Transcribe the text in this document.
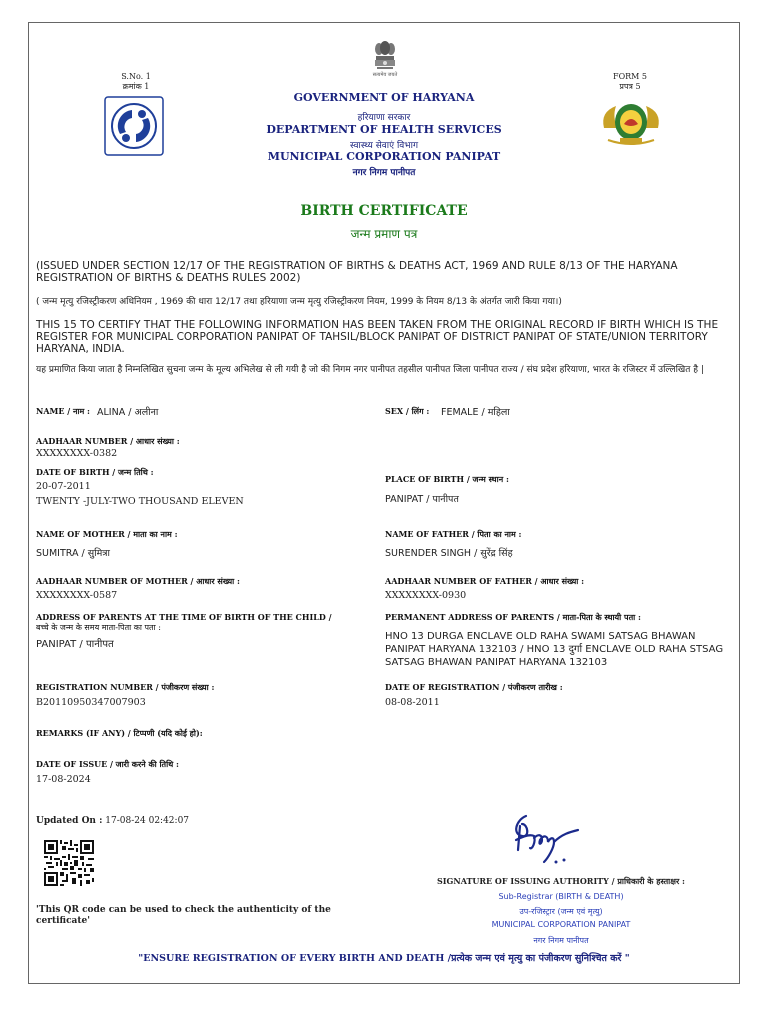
सत्यमेव जयते
S.No. 1
क्रमांक 1
FORM 5
प्रपत्र 5
GOVERNMENT OF HARYANA
हरियाणा सरकार
DEPARTMENT OF HEALTH SERVICES
स्वास्थ्य सेवाएं विभाग
MUNICIPAL CORPORATION PANIPAT
नगर निगम पानीपत
BIRTH CERTIFICATE
जन्म प्रमाण पत्र
(ISSUED UNDER SECTION 12/17 OF THE REGISTRATION OF BIRTHS & DEATHS ACT, 1969 AND RULE 8/13 OF THE HARYANA REGISTRATION OF BIRTHS & DEATHS RULES 2002)
( जन्म मृत्यु रजिस्ट्रीकरण अधिनियम , 1969 की धारा 12/17 तथा हरियाणा जन्म मृत्यु रजिस्ट्रीकरण नियम, 1999 के नियम 8/13 के अंतर्गत जारी किया गया।)
THIS 15 TO CERTIFY THAT THE FOLLOWING INFORMATION HAS BEEN TAKEN FROM THE ORIGINAL RECORD IF BIRTH WHICH IS THE REGISTER FOR MUNICIPAL CORPORATION PANIPAT OF TAHSIL/BLOCK PANIPAT OF DISTRICT PANIPAT OF STATE/UNION TERRITORY HARYANA, INDIA.
यह प्रमाणित किया जाता है निम्नलिखित सुचना जन्म के मूल्य अभिलेख से ली गयी है जो की निगम नगर पानीपत तहसील पानीपत जिला पानीपत राज्य / संघ प्रदेश हरियाणा, भारत के रजिस्टर में उल्लिखित है |
NAME / नाम : ALINA / अलीना	SEX / लिंग : FEMALE / महिला
AADHAAR NUMBER / आधार संख्या :
XXXXXXXX-0382
DATE OF BIRTH / जन्म तिथि :
20-07-2011
TWENTY -JULY-TWO THOUSAND ELEVEN
PLACE OF BIRTH / जन्म स्थान :
PANIPAT / पानीपत
NAME OF MOTHER / माता का नाम :
SUMITRA / सुमित्रा
NAME OF FATHER / पिता का नाम :
SURENDER SINGH / सुरेंद्र सिंह
AADHAAR NUMBER OF MOTHER / आधार संख्या :
XXXXXXXX-0587
AADHAAR NUMBER OF FATHER / आधार संख्या :
XXXXXXXX-0930
ADDRESS OF PARENTS AT THE TIME OF BIRTH OF THE CHILD /
बच्चे के जन्म के समय माता-पिता का पता :
PANIPAT / पानीपत
PERMANENT ADDRESS OF PARENTS / माता-पिता के स्थायी पता :
HNO 13 DURGA ENCLAVE OLD RAHA SWAMI SATSAG BHAWAN PANIPAT HARYANA 132103 / HNO 13 दुर्गा ENCLAVE OLD RAHA STSAG SATSAG BHAWAN PANIPAT HARYANA 132103
REGISTRATION NUMBER / पंजीकरण संख्या :
B20110950347007903
DATE OF REGISTRATION / पंजीकरण तारीख :
08-08-2011
REMARKS (IF ANY) / टिप्पणी (यदि कोई हो):
DATE OF ISSUE / जारी करने की तिथि :
17-08-2024
Updated On : 17-08-24 02:42:07
'This QR code can be used to check the authenticity of the certificate'
SIGNATURE OF ISSUING AUTHORITY / प्राधिकारी के हस्ताक्षर :
Sub-Registrar (BIRTH & DEATH)
उप-रजिस्ट्रार (जन्म एवं मृत्यु)
MUNICIPAL CORPORATION PANIPAT
नगर निगम पानीपत
"ENSURE REGISTRATION OF EVERY BIRTH AND DEATH /प्रत्येक जन्म एवं मृत्यु का पंजीकरण सुनिश्चित करें "
